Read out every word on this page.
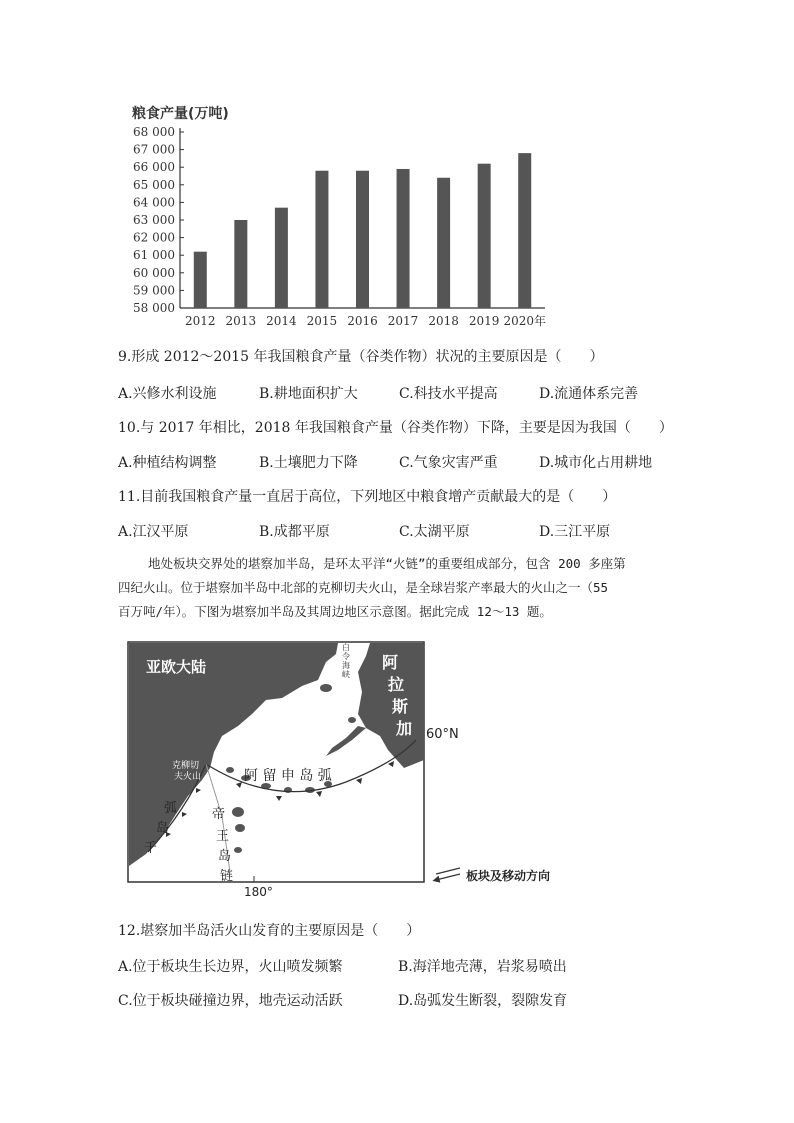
粮食产量(万吨)
58 000
59 000
60 000
61 000
62 000
63 000
64 000
65 000
66 000
67 000
68 000
2012 2013 2014 2015 2016 2017 2018 2019 2020年
9.形成 2012～2015 年我国粮食产量（谷类作物）状况的主要原因是（　　）
A.兴修水利设施	B.耕地面积扩大	C.科技水平提高	D.流通体系完善
10.与 2017 年相比，2018 年我国粮食产量（谷类作物）下降，主要是因为我国（　　）
A.种植结构调整	B.土壤肥力下降	C.气象灾害严重	D.城市化占用耕地
11.目前我国粮食产量一直居于高位，下列地区中粮食增产贡献最大的是（　　）
A.江汉平原	B.成都平原	C.太湖平原	D.三江平原
地处板块交界处的堪察加半岛，是环太平洋“火链”的重要组成部分，包含 200 多座第
四纪火山。位于堪察加半岛中北部的克柳切夫火山，是全球岩浆产率最大的火山之一（55
百万吨/年）。下图为堪察加半岛及其周边地区示意图。据此完成 12～13 题。
亚欧大陆	阿
拉
斯
加
白
令
海
峡
60°N
克柳切
夫火山	阿 留 申 岛 弧
弧
岛
千
帝
王
岛
链
180°
板块及移动方向
12.堪察加半岛活火山发育的主要原因是（　　）
A.位于板块生长边界，火山喷发频繁	B.海洋地壳薄，岩浆易喷出
C.位于板块碰撞边界，地壳运动活跃	D.岛弧发生断裂，裂隙发育
